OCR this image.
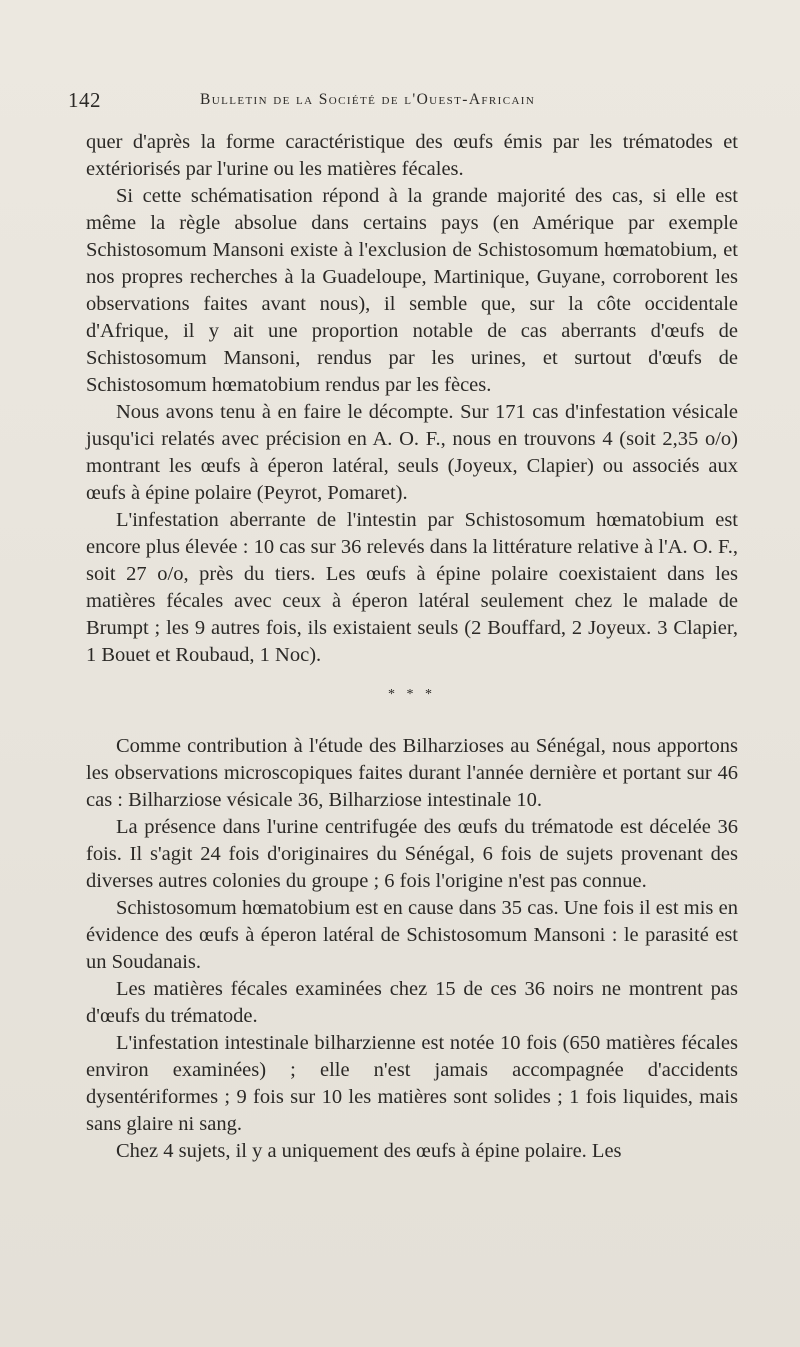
142	Bulletin de la Société de l'Ouest-Africain

quer d'après la forme caractéristique des œufs émis par les trématodes et extériorisés par l'urine ou les matières fécales.

Si cette schématisation répond à la grande majorité des cas, si elle est même la règle absolue dans certains pays (en Amérique par exemple Schistosomum Mansoni existe à l'exclusion de Schistosomum hœmatobium, et nos propres recherches à la Guadeloupe, Martinique, Guyane, corroborent les observations faites avant nous), il semble que, sur la côte occidentale d'Afrique, il y ait une proportion notable de cas aberrants d'œufs de Schistosomum Mansoni, rendus par les urines, et surtout d'œufs de Schistosomum hœmatobium rendus par les fèces.

Nous avons tenu à en faire le décompte. Sur 171 cas d'infestation vésicale jusqu'ici relatés avec précision en A. O. F., nous en trouvons 4 (soit 2,35 o/o) montrant les œufs à éperon latéral, seuls (Joyeux, Clapier) ou associés aux œufs à épine polaire (Peyrot, Pomaret).

L'infestation aberrante de l'intestin par Schistosomum hœmatobium est encore plus élevée : 10 cas sur 36 relevés dans la littérature relative à l'A. O. F., soit 27 o/o, près du tiers. Les œufs à épine polaire coexistaient dans les matières fécales avec ceux à éperon latéral seulement chez le malade de Brumpt ; les 9 autres fois, ils existaient seuls (2 Bouffard, 2 Joyeux. 3 Clapier, 1 Bouet et Roubaud, 1 Noc).

* * *

Comme contribution à l'étude des Bilharzioses au Sénégal, nous apportons les observations microscopiques faites durant l'année dernière et portant sur 46 cas : Bilharziose vésicale 36, Bilharziose intestinale 10.

La présence dans l'urine centrifugée des œufs du trématode est décelée 36 fois. Il s'agit 24 fois d'originaires du Sénégal, 6 fois de sujets provenant des diverses autres colonies du groupe ; 6 fois l'origine n'est pas connue.

Schistosomum hœmatobium est en cause dans 35 cas. Une fois il est mis en évidence des œufs à éperon latéral de Schistosomum Mansoni : le parasité est un Soudanais.

Les matières fécales examinées chez 15 de ces 36 noirs ne montrent pas d'œufs du trématode.

L'infestation intestinale bilharzienne est notée 10 fois (650 matières fécales environ examinées) ; elle n'est jamais accompagnée d'accidents dysentériformes ; 9 fois sur 10 les matières sont solides ; 1 fois liquides, mais sans glaire ni sang.

Chez 4 sujets, il y a uniquement des œufs à épine polaire. Les
